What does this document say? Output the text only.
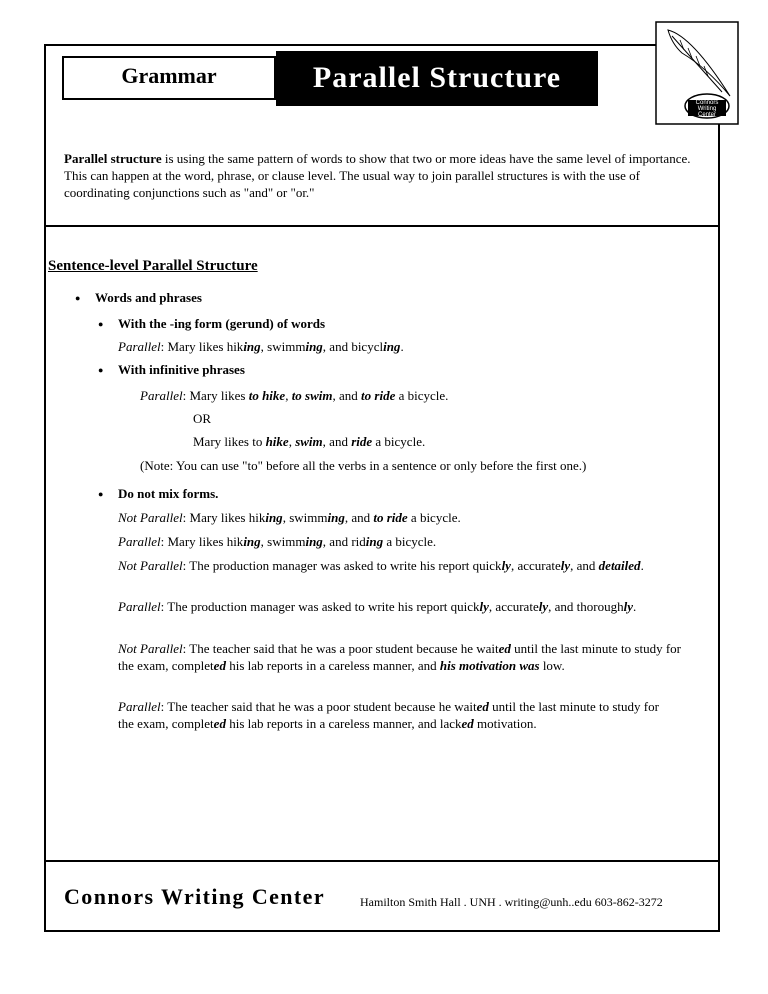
Grammar	Parallel Structure
Connors
Writing
Center
Parallel structure is using the same pattern of words to show that two or more ideas have the same level of importance. This can happen at the word, phrase, or clause level. The usual way to join parallel structures is with the use of coordinating conjunctions such as "and" or "or."
Sentence-level Parallel Structure
● Words and phrases
● With the -ing form (gerund) of words
Parallel: Mary likes hiking, swimming, and bicycling.
● With infinitive phrases
Parallel: Mary likes to hike, to swim, and to ride a bicycle.
OR
Mary likes to hike, swim, and ride a bicycle.
(Note: You can use "to" before all the verbs in a sentence or only before the first one.)
● Do not mix forms.
Not Parallel: Mary likes hiking, swimming, and to ride a bicycle.
Parallel: Mary likes hiking, swimming, and riding a bicycle.
Not Parallel: The production manager was asked to write his report quickly, accurately, and detailed.
Parallel: The production manager was asked to write his report quickly, accurately, and thoroughly.
Not Parallel: The teacher said that he was a poor student because he waited until the last minute to study for the exam, completed his lab reports in a careless manner, and his motivation was low.
Parallel: The teacher said that he was a poor student because he waited until the last minute to study for the exam, completed his lab reports in a careless manner, and lacked motivation.
Connors Writing Center	Hamilton Smith Hall . UNH . writing@unh..edu 603-862-3272
